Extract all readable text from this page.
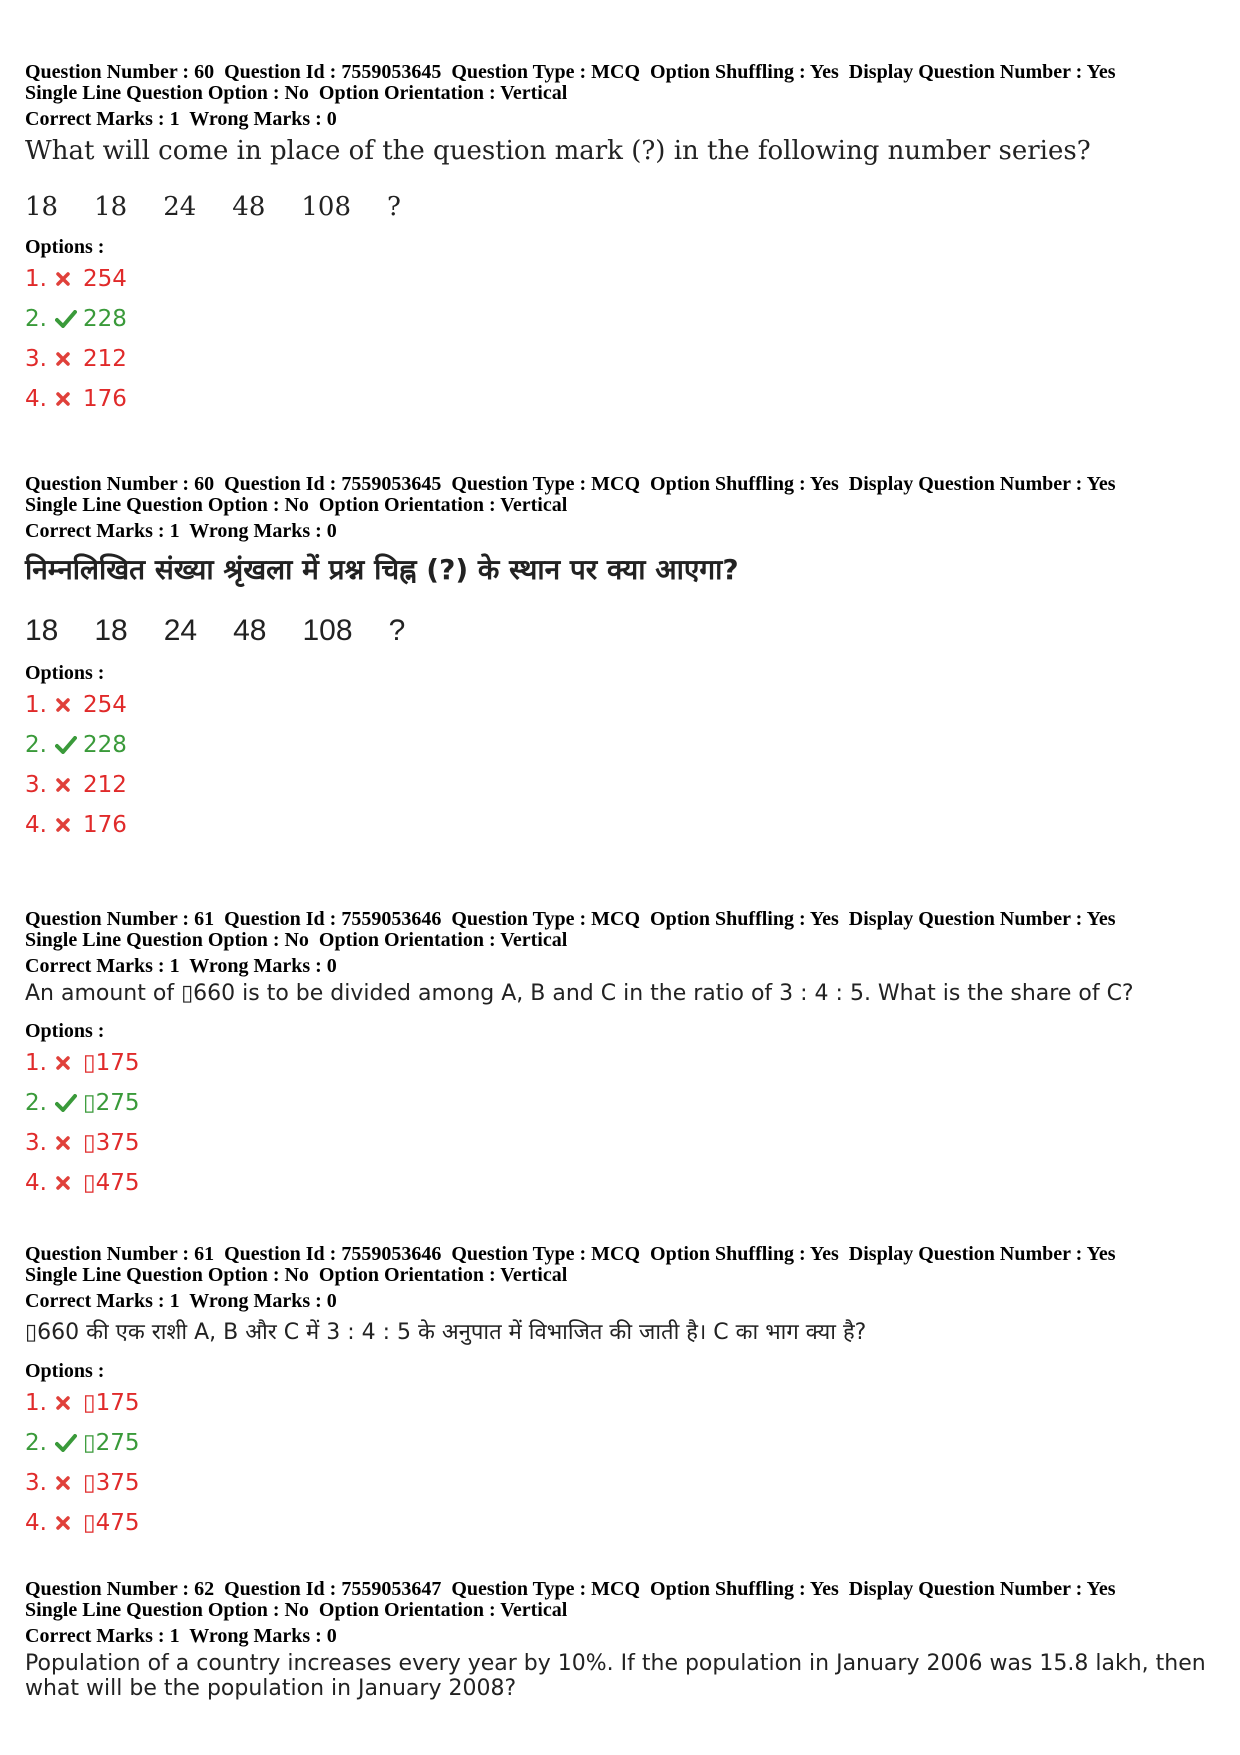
Question Number : 60  Question Id : 7559053645  Question Type : MCQ  Option Shuffling : Yes  Display Question Number : Yes
Single Line Question Option : No  Option Orientation : Vertical
Correct Marks : 1  Wrong Marks : 0
What will come in place of the question mark (?) in the following number series?
18 18 24 48 108 ?
Options :
1.	254
2.	228
3.	212
4.	176
Question Number : 60  Question Id : 7559053645  Question Type : MCQ  Option Shuffling : Yes  Display Question Number : Yes
Single Line Question Option : No  Option Orientation : Vertical
Correct Marks : 1  Wrong Marks : 0
निम्नलिखित संख्या श्रृंखला में प्रश्न चिह्न (?) के स्थान पर क्या आएगा?
18 18 24 48 108 ?
Options :
1.	254
2.	228
3.	212
4.	176
Question Number : 61  Question Id : 7559053646  Question Type : MCQ  Option Shuffling : Yes  Display Question Number : Yes
Single Line Question Option : No  Option Orientation : Vertical
Correct Marks : 1  Wrong Marks : 0
An amount of ▯660 is to be divided among A, B and C in the ratio of 3 : 4 : 5. What is the share of C?
Options :
1.	▯175
2.	▯275
3.	▯375
4.	▯475
Question Number : 61  Question Id : 7559053646  Question Type : MCQ  Option Shuffling : Yes  Display Question Number : Yes
Single Line Question Option : No  Option Orientation : Vertical
Correct Marks : 1  Wrong Marks : 0
▯660 की एक राशी A, B और C में 3 : 4 : 5 के अनुपात में विभाजित की जाती है। C का भाग क्या है?
Options :
1.	▯175
2.	▯275
3.	▯375
4.	▯475
Question Number : 62  Question Id : 7559053647  Question Type : MCQ  Option Shuffling : Yes  Display Question Number : Yes
Single Line Question Option : No  Option Orientation : Vertical
Correct Marks : 1  Wrong Marks : 0
Population of a country increases every year by 10%. If the population in January 2006 was 15.8 lakh, then
what will be the population in January 2008?
